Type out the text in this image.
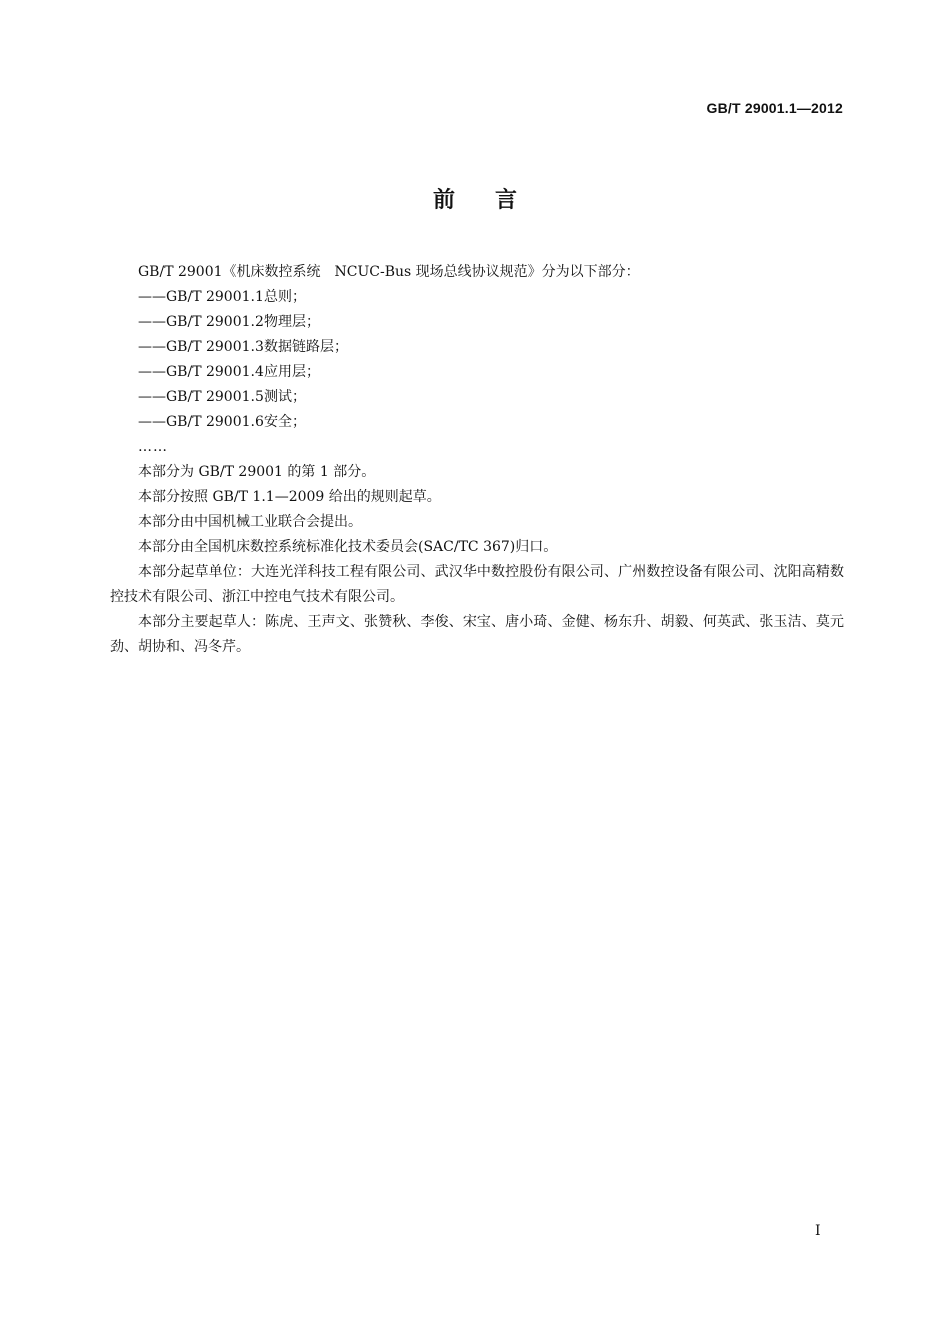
GB/T 29001.1—2012
前言

GB/T 29001《机床数控系统　NCUC-Bus 现场总线协议规范》分为以下部分：

——GB/T 29001.1总则；

——GB/T 29001.2物理层；

——GB/T 29001.3数据链路层；

——GB/T 29001.4应用层；

——GB/T 29001.5测试；

——GB/T 29001.6安全；

……

本部分为 GB/T 29001 的第 1 部分。

本部分按照 GB/T 1.1—2009 给出的规则起草。

本部分由中国机械工业联合会提出。

本部分由全国机床数控系统标准化技术委员会(SAC/TC 367)归口。

本部分起草单位：大连光洋科技工程有限公司、武汉华中数控股份有限公司、广州数控设备有限公司、沈阳高精数控技术有限公司、浙江中控电气技术有限公司。

本部分主要起草人：陈虎、王声文、张赞秋、李俊、宋宝、唐小琦、金健、杨东升、胡毅、何英武、张玉洁、莫元劲、胡协和、冯冬芹。

I
